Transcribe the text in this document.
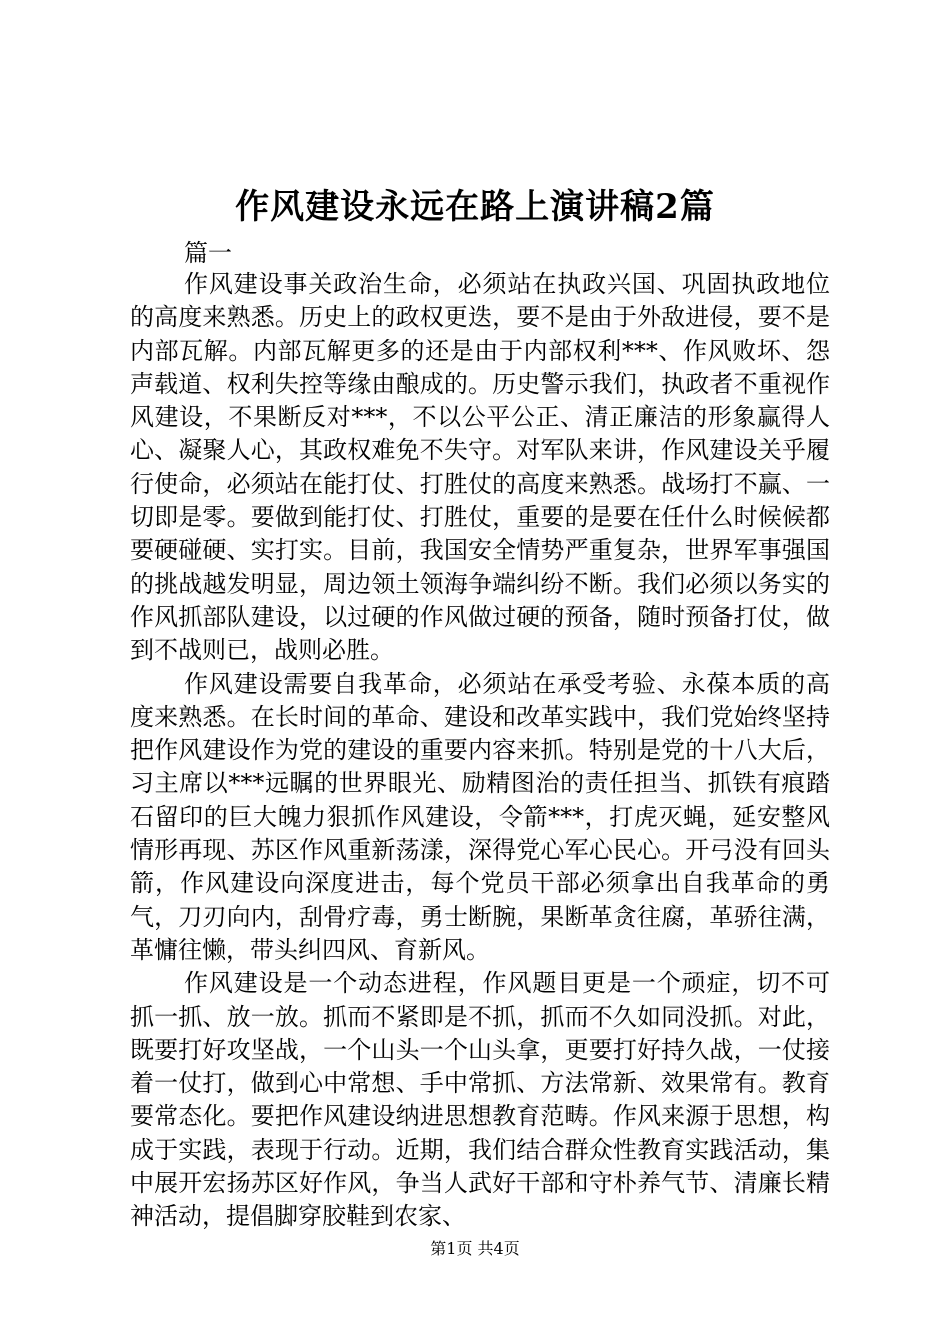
作风建设永远在路上演讲稿2篇
篇一

作风建设事关政治生命，必须站在执政兴国、巩固执政地位的高度来熟悉。历史上的政权更迭，要不是由于外敌进侵，要不是内部瓦解。内部瓦解更多的还是由于内部权利***、作风败坏、怨声载道、权利失控等缘由酿成的。历史警示我们，执政者不重视作风建设，不果断反对***，不以公平公正、清正廉洁的形象赢得人心、凝聚人心，其政权难免不失守。对军队来讲，作风建设关乎履行使命，必须站在能打仗、打胜仗的高度来熟悉。战场打不赢、一切即是零。要做到能打仗、打胜仗，重要的是要在任什么时候候都要硬碰硬、实打实。目前，我国安全情势严重复杂，世界军事强国的挑战越发明显，周边领土领海争端纠纷不断。我们必须以务实的作风抓部队建设，以过硬的作风做过硬的预备，随时预备打仗，做到不战则已，战则必胜。

作风建设需要自我革命，必须站在承受考验、永葆本质的高度来熟悉。在长时间的革命、建设和改革实践中，我们党始终坚持把作风建设作为党的建设的重要内容来抓。特别是党的十八大后，习主席以***远瞩的世界眼光、励精图治的责任担当、抓铁有痕踏石留印的巨大魄力狠抓作风建设，令箭***，打虎灭蝇，延安整风情形再现、苏区作风重新荡漾，深得党心军心民心。开弓没有回头箭，作风建设向深度进击，每个党员干部必须拿出自我革命的勇气，刀刃向内，刮骨疗毒，勇士断腕，果断革贪往腐，革骄往满，革慵往懒，带头纠四风、育新风。

作风建设是一个动态进程，作风题目更是一个顽症，切不可抓一抓、放一放。抓而不紧即是不抓，抓而不久如同没抓。对此，既要打好攻坚战，一个山头一个山头拿，更要打好持久战，一仗接着一仗打，做到心中常想、手中常抓、方法常新、效果常有。教育要常态化。要把作风建设纳进思想教育范畴。作风来源于思想，构成于实践，表现于行动。近期，我们结合群众性教育实践活动，集中展开宏扬苏区好作风，争当人武好干部和守朴养气节、清廉长精神活动，提倡脚穿胶鞋到农家、

第1页 共4页
